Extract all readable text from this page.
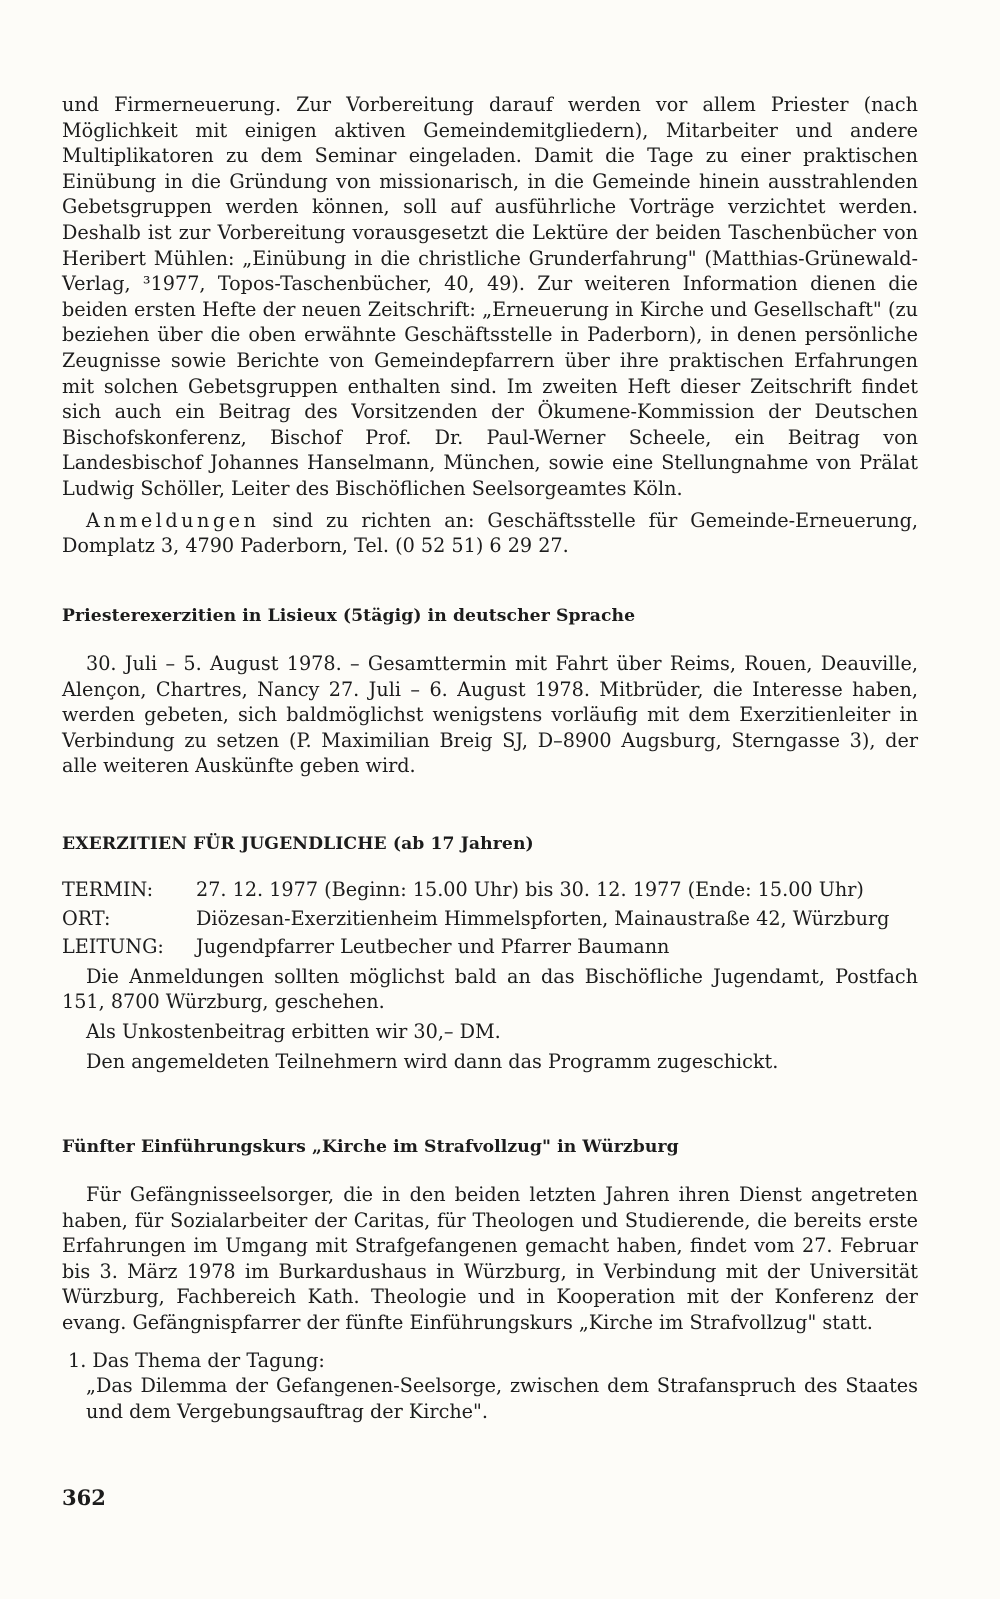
und Firmerneuerung. Zur Vorbereitung darauf werden vor allem Priester (nach Möglichkeit mit einigen aktiven Gemeindemitgliedern), Mitarbeiter und andere Multiplikatoren zu dem Seminar eingeladen. Damit die Tage zu einer praktischen Einübung in die Gründung von missionarisch, in die Gemeinde hinein ausstrahlenden Gebetsgruppen werden können, soll auf ausführliche Vorträge verzichtet werden. Deshalb ist zur Vorbereitung vorausgesetzt die Lektüre der beiden Taschenbücher von Heribert Mühlen: „Einübung in die christliche Grunderfahrung" (Matthias-Grünewald-Verlag, ³1977, Topos-Taschenbücher, 40, 49). Zur weiteren Information dienen die beiden ersten Hefte der neuen Zeitschrift: „Erneuerung in Kirche und Gesellschaft" (zu beziehen über die oben erwähnte Geschäftsstelle in Paderborn), in denen persönliche Zeugnisse sowie Berichte von Gemeindepfarrern über ihre praktischen Erfahrungen mit solchen Gebetsgruppen enthalten sind. Im zweiten Heft dieser Zeitschrift findet sich auch ein Beitrag des Vorsitzenden der Ökumene-Kommission der Deutschen Bischofskonferenz, Bischof Prof. Dr. Paul-Werner Scheele, ein Beitrag von Landesbischof Johannes Hanselmann, München, sowie eine Stellungnahme von Prälat Ludwig Schöller, Leiter des Bischöflichen Seelsorgeamtes Köln.

Anmeldungen sind zu richten an: Geschäftsstelle für Gemeinde-Erneuerung, Domplatz 3, 4790 Paderborn, Tel. (0 52 51) 6 29 27.

Priesterexerzitien in Lisieux (5tägig) in deutscher Sprache

30. Juli – 5. August 1978. – Gesamttermin mit Fahrt über Reims, Rouen, Deauville, Alençon, Chartres, Nancy 27. Juli – 6. August 1978. Mitbrüder, die Interesse haben, werden gebeten, sich baldmöglichst wenigstens vorläufig mit dem Exerzitienleiter in Verbindung zu setzen (P. Maximilian Breig SJ, D–8900 Augsburg, Sterngasse 3), der alle weiteren Auskünfte geben wird.

EXERZITIEN FÜR JUGENDLICHE (ab 17 Jahren)
TERMIN:	27. 12. 1977 (Beginn: 15.00 Uhr) bis 30. 12. 1977 (Ende: 15.00 Uhr)
ORT:	Diözesan-Exerzitienheim Himmelspforten, Mainaustraße 42, Würzburg
LEITUNG:	Jugendpfarrer Leutbecher und Pfarrer Baumann

Die Anmeldungen sollten möglichst bald an das Bischöfliche Jugendamt, Postfach 151, 8700 Würzburg, geschehen.

Als Unkostenbeitrag erbitten wir 30,– DM.

Den angemeldeten Teilnehmern wird dann das Programm zugeschickt.

Fünfter Einführungskurs „Kirche im Strafvollzug" in Würzburg

Für Gefängnisseelsorger, die in den beiden letzten Jahren ihren Dienst angetreten haben, für Sozialarbeiter der Caritas, für Theologen und Studierende, die bereits erste Erfahrungen im Umgang mit Strafgefangenen gemacht haben, findet vom 27. Februar bis 3. März 1978 im Burkardushaus in Würzburg, in Verbindung mit der Universität Würzburg, Fachbereich Kath. Theologie und in Kooperation mit der Konferenz der evang. Gefängnispfarrer der fünfte Einführungskurs „Kirche im Strafvollzug" statt.

1. Das Thema der Tagung:

„Das Dilemma der Gefangenen-Seelsorge, zwischen dem Strafanspruch des Staates und dem Vergebungsauftrag der Kirche".

362
